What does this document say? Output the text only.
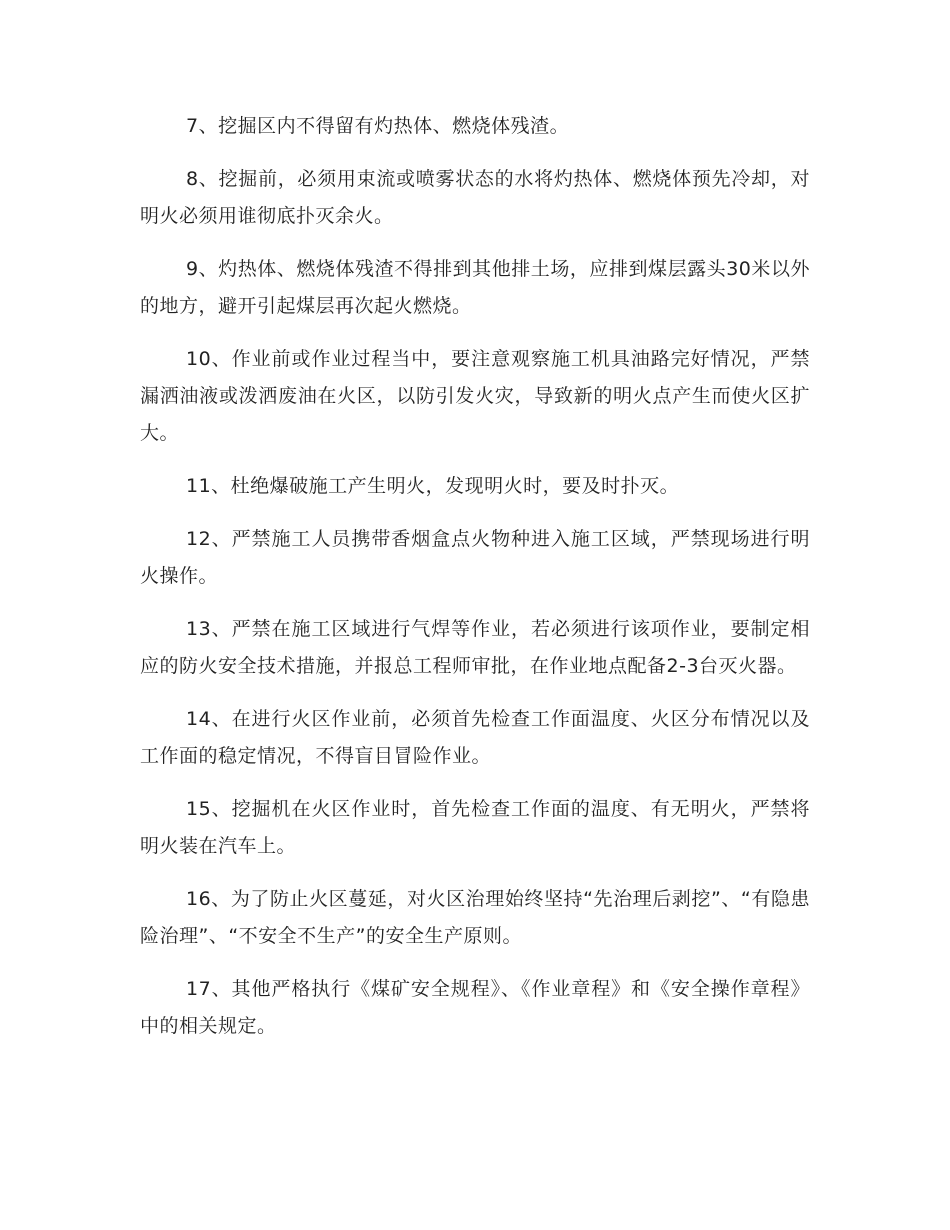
7、挖掘区内不得留有灼热体、燃烧体残渣。

8、挖掘前，必须用束流或喷雾状态的水将灼热体、燃烧体预先冷却，对明火必须用谁彻底扑灭余火。

9、灼热体、燃烧体残渣不得排到其他排土场，应排到煤层露头30米以外的地方，避开引起煤层再次起火燃烧。

10、作业前或作业过程当中，要注意观察施工机具油路完好情况，严禁漏洒油液或泼洒废油在火区，以防引发火灾，导致新的明火点产生而使火区扩大。

11、杜绝爆破施工产生明火，发现明火时，要及时扑灭。

12、严禁施工人员携带香烟盒点火物种进入施工区域，严禁现场进行明火操作。

13、严禁在施工区域进行气焊等作业，若必须进行该项作业，要制定相应的防火安全技术措施，并报总工程师审批，在作业地点配备2-3台灭火器。

14、在进行火区作业前，必须首先检查工作面温度、火区分布情况以及工作面的稳定情况，不得盲目冒险作业。

15、挖掘机在火区作业时，首先检查工作面的温度、有无明火，严禁将明火装在汽车上。

16、为了防止火区蔓延，对火区治理始终坚持“先治理后剥挖”、“有隐患险治理”、“不安全不生产”的安全生产原则。

17、其他严格执行《煤矿安全规程》、《作业章程》和《安全操作章程》中的相关规定。
